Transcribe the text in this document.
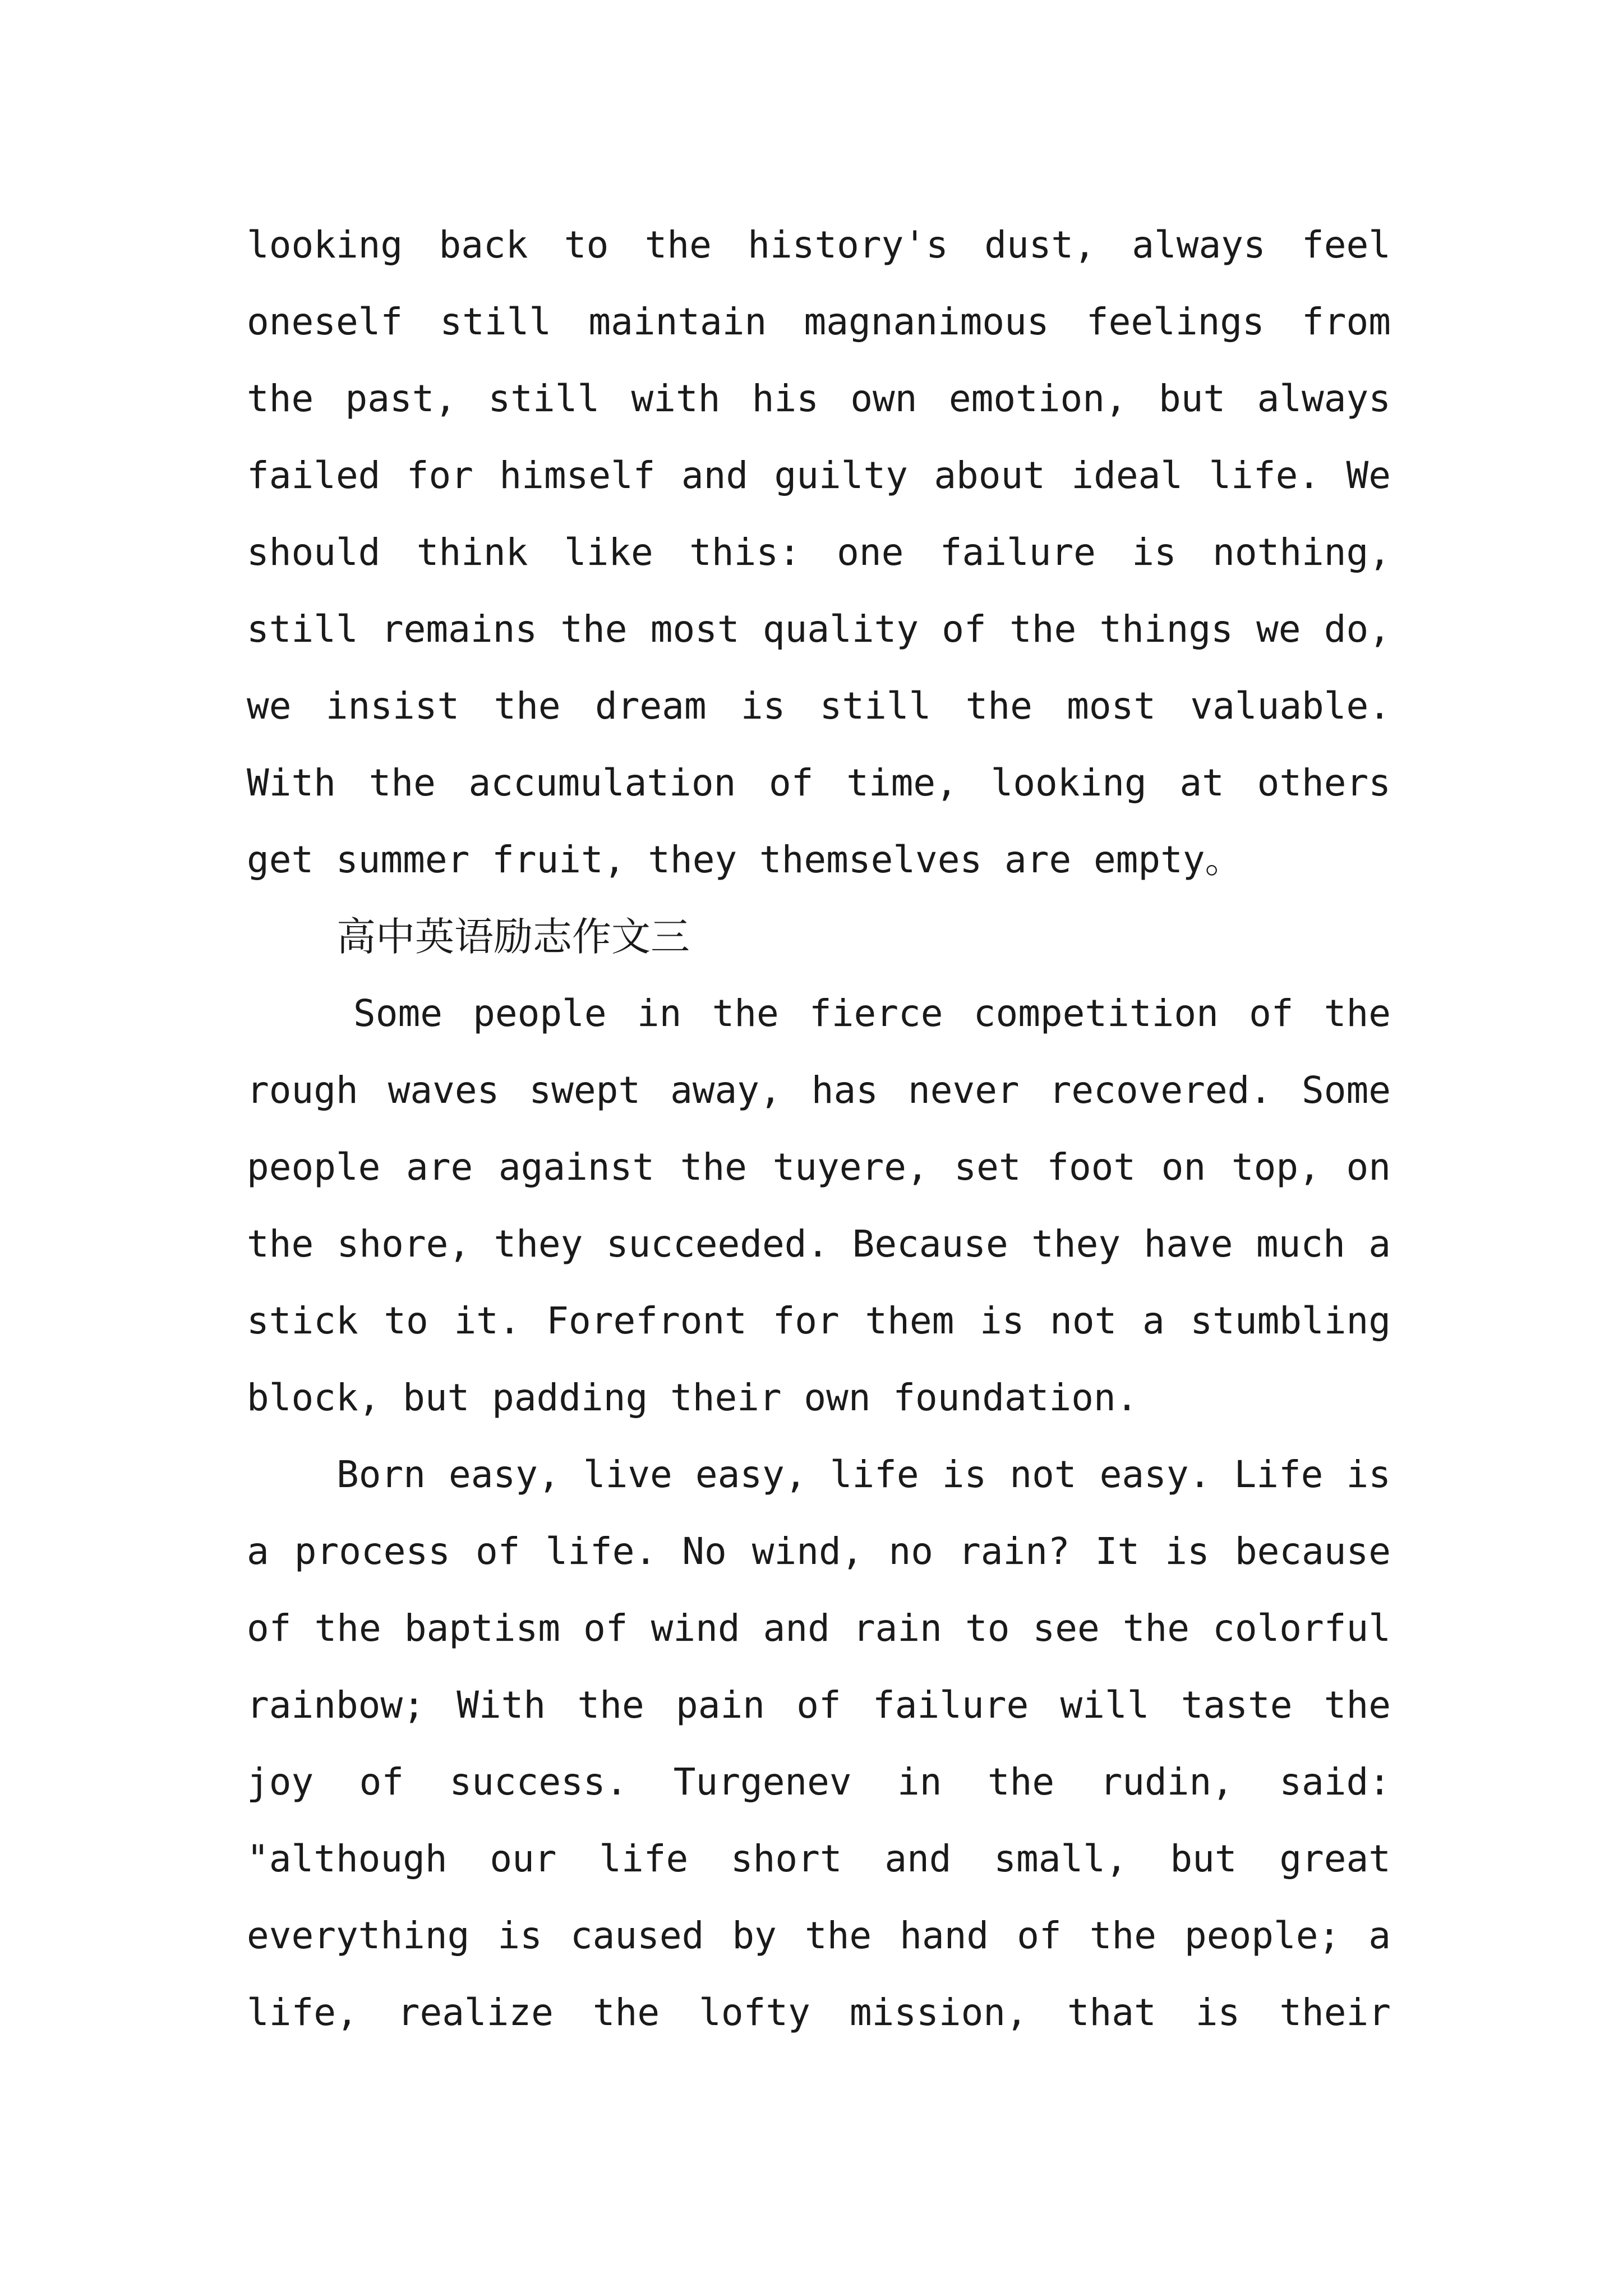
looking back to the history's dust, always feel
oneself still maintain magnanimous feelings from
the past, still with his own emotion, but always
failed for himself and guilty about ideal life. We
should think like this: one failure is nothing,
still remains the most quality of the things we do,
we insist the dream is still the most valuable.
With the accumulation of time, looking at others
get summer fruit, they themselves are empty。
高中英语励志作文三
Some people in the fierce competition of the
rough waves swept away, has never recovered. Some
people are against the tuyere, set foot on top, on
the shore, they succeeded. Because they have much a
stick to it. Forefront for them is not a stumbling
block, but padding their own foundation.
Born easy, live easy, life is not easy. Life is
a process of life. No wind, no rain? It is because
of the baptism of wind and rain to see the colorful
rainbow; With the pain of failure will taste the
joy of success. Turgenev in the rudin, said:
"although our life short and small, but great
everything is caused by the hand of the people; a
life, realize the lofty mission, that is their
